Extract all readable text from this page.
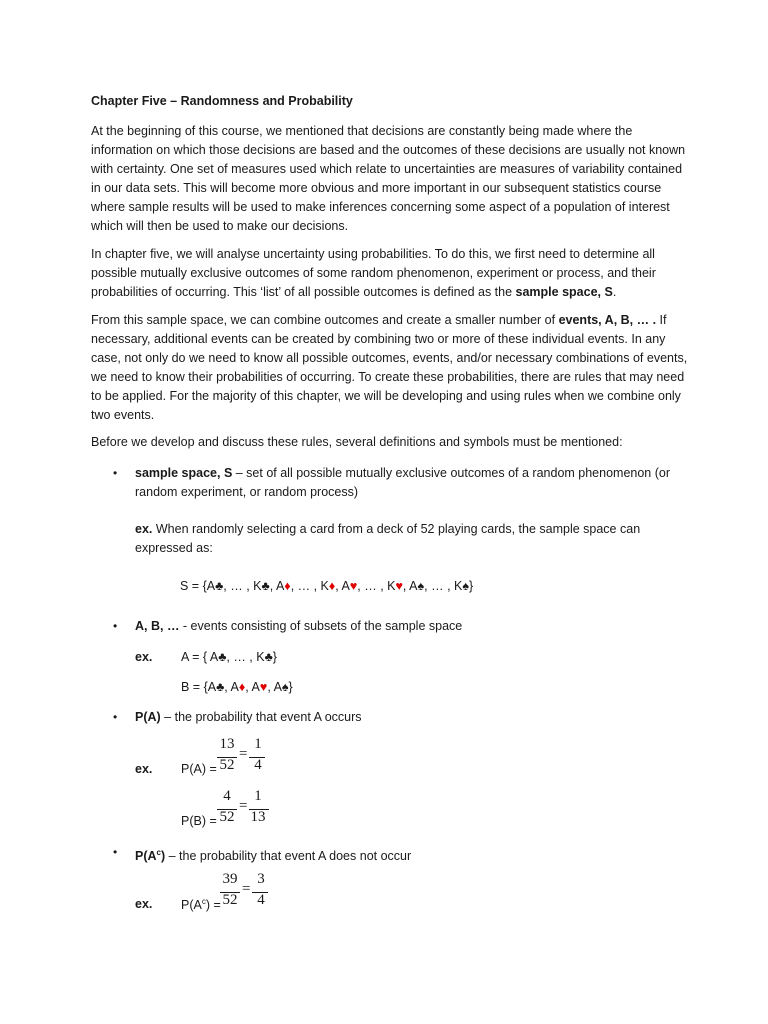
Chapter Five – Randomness and Probability
At the beginning of this course, we mentioned that decisions are constantly being made where the information on which those decisions are based and the outcomes of these decisions are usually not known with certainty. One set of measures used which relate to uncertainties are measures of variability contained in our data sets. This will become more obvious and more important in our subsequent statistics course where sample results will be used to make inferences concerning some aspect of a population of interest which will then be used to make our decisions.
In chapter five, we will analyse uncertainty using probabilities. To do this, we first need to determine all possible mutually exclusive outcomes of some random phenomenon, experiment or process, and their probabilities of occurring. This ‘list’ of all possible outcomes is defined as the sample space, S.
From this sample space, we can combine outcomes and create a smaller number of events, A, B, … . If necessary, additional events can be created by combining two or more of these individual events. In any case, not only do we need to know all possible outcomes, events, and/or necessary combinations of events, we need to know their probabilities of occurring. To create these probabilities, there are rules that may need to be applied. For the majority of this chapter, we will be developing and using rules when we combine only two events.
Before we develop and discuss these rules, several definitions and symbols must be mentioned:
• sample space, S – set of all possible mutually exclusive outcomes of a random phenomenon (or random experiment, or random process)
ex. When randomly selecting a card from a deck of 52 playing cards, the sample space can expressed as:
S = {A♣, … , K♣, A♦, … , K♦, A♥, … , K♥, A♠, … , K♠}
• A, B, … - events consisting of subsets of the sample space
ex. A = { A♣, … , K♣}
B = {A♣, A♦, A♥, A♠}
• P(A) – the probability that event A occurs
ex. P(A) =
13
52
=
1
4
P(B) =
4
52
=
1
13
• $P(A^c)$ – the probability that event A does not occur
ex. $P(A^c)$ =
39
52
=
3
4
